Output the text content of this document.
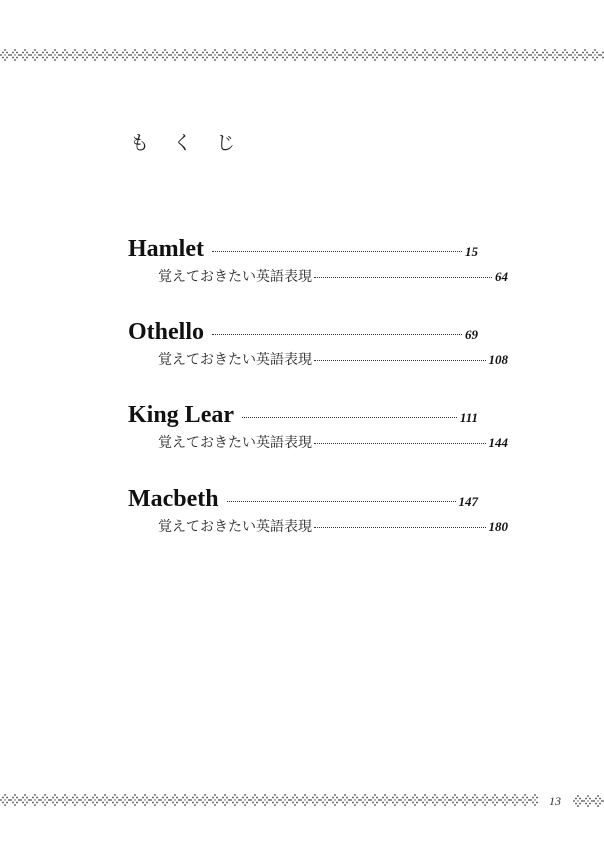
も く じ
Hamlet	15
覚えておきたい英語表現	64
Othello	69
覚えておきたい英語表現	108
King Lear	111
覚えておきたい英語表現	144
Macbeth	147
覚えておきたい英語表現	180
13
